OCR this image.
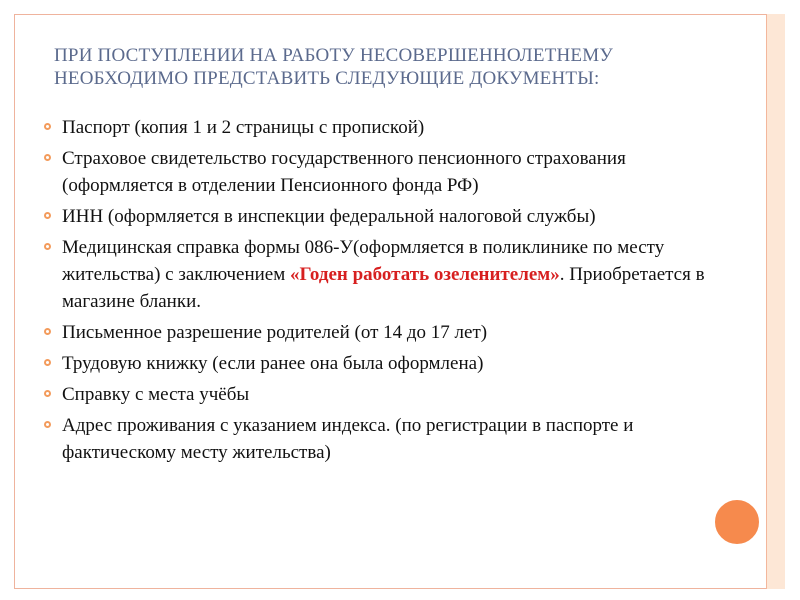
ПРИ ПОСТУПЛЕНИИ НА РАБОТУ НЕСОВЕРШЕННОЛЕТНЕМУ
НЕОБХОДИМО ПРЕДСТАВИТЬ СЛЕДУЮЩИЕ ДОКУМЕНТЫ:
Паспорт (копия 1 и 2 страницы с пропиской)
Страховое свидетельство государственного пенсионного страхования (оформляется в отделении Пенсионного фонда РФ)
ИНН (оформляется в инспекции федеральной налоговой службы)
Медицинская справка формы 086-У(оформляется в поликлинике по месту жительства) с заключением «Годен работать озеленителем». Приобретается в магазине бланки.
Письменное разрешение родителей (от 14 до 17 лет)
Трудовую книжку (если ранее она была оформлена)
Справку с места учёбы
Адрес проживания с указанием индекса. (по регистрации в паспорте и фактическому месту жительства)
